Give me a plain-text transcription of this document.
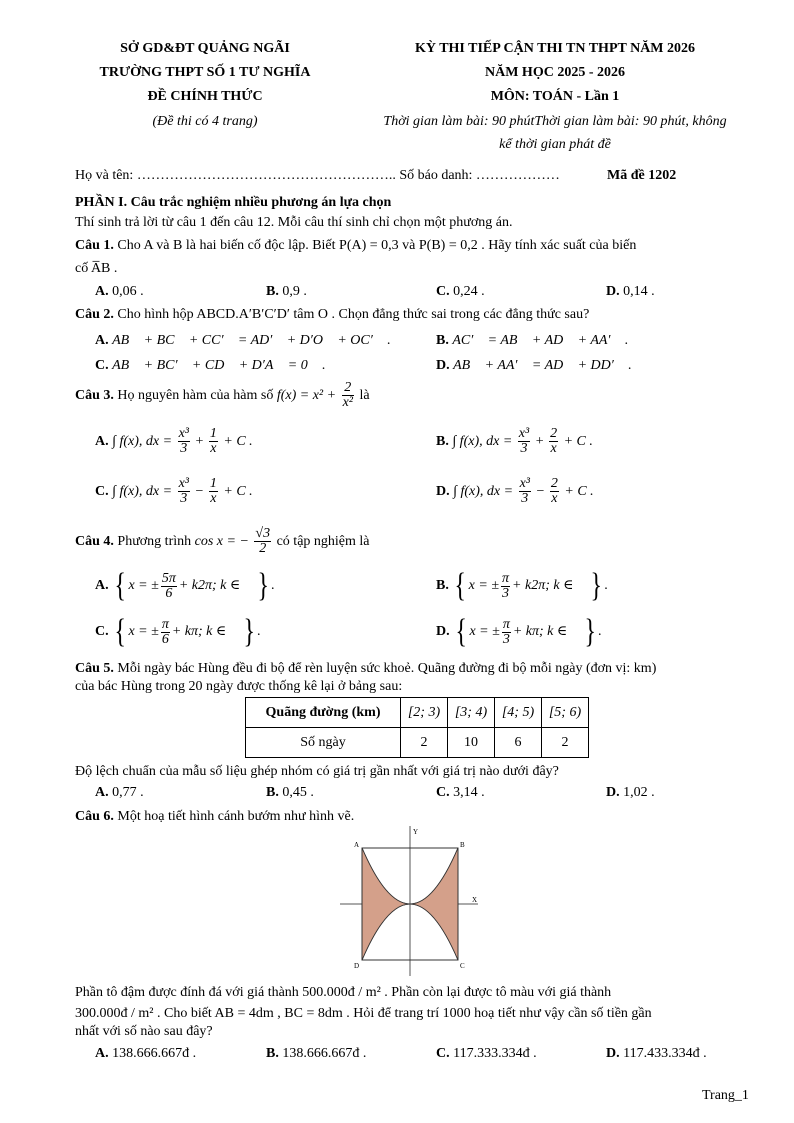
SỞ GD&ĐT QUẢNG NGÃI
TRƯỜNG THPT SỐ 1 TƯ NGHĨA
ĐỀ CHÍNH THỨC
(Đề thi có 4 trang)
KỲ THI TIẾP CẬN THI TN THPT NĂM 2026
NĂM HỌC 2025 - 2026
MÔN: TOÁN - Lần 1
Thời gian làm bài: 90 phútThời gian làm bài: 90 phút, không
kể thời gian phát đề
Họ và tên: ……………………………………………….. Số báo danh: ………………	Mã đề 1202
PHẦN I. Câu trắc nghiệm nhiều phương án lựa chọn
Thí sinh trả lời từ câu 1 đến câu 12. Mỗi câu thí sinh chỉ chọn một phương án.
Câu 1. Cho A và B là hai biến cố độc lập. Biết P(A) = 0,3 và P(B) = 0,2 . Hãy tính xác suất của biến
cố A̅B .
A. 0,06 .	B. 0,9 .	C. 0,24 .	D. 0,14 .
Câu 2. Cho hình hộp ABCD.A′B′C′D′ tâm O . Chọn đẳng thức sai trong các đẳng thức sau?
A. AB⃗ + BC⃗ + CC′⃗ = AD′⃗ + D′O⃗ + OC′⃗ .	B. AC′⃗ = AB⃗ + AD⃗ + AA′⃗ .
C. AB⃗ + BC′⃗ + CD⃗ + D′A⃗ = 0⃗ .	D. AB⃗ + AA′⃗ = AD⃗ + DD′⃗ .
Câu 3. Họ nguyên hàm của hàm số $f(x) = x^2 + \frac{2}{\text{x²}}$ là
A. ∫ f(x), dx = $\frac{\text{x³}}{3} + \frac{1}{x} + C$ .	B. ∫ f(x), dx = $\frac{\text{x³}}{3} + \frac{2}{x} + C$ .
C. ∫ f(x), dx = $\frac{\text{x³}}{3} - \frac{1}{x} + C$ .	D. ∫ f(x), dx = $\frac{\text{x³}}{3} - \frac{2}{x} + C$ .
Câu 4. Phương trình cos x = − $\frac{√3}{2}$ có tập nghiệm là
A. { x = ± $\frac{5\pi}{6} + k2\pi$; k ∈ ⃞} .	B. { x = ± $\frac{\pi}{3} + k2\pi$; k ∈ ⃞} .
C. { x = ± $\frac{\pi}{6} + k\pi$; k ∈ ⃞} .	D. { x = ± $\frac{\pi}{3} + k\pi$; k ∈ ⃞} .
Câu 5. Mỗi ngày bác Hùng đều đi bộ để rèn luyện sức khoẻ. Quãng đường đi bộ mỗi ngày (đơn vị: km)
của bác Hùng trong 20 ngày được thống kê lại ở bảng sau:
Quãng đường (km)	[2; 3)	[3; 4)	[4; 5)	[5; 6)
Số ngày	2	10	6	2
Độ lệch chuẩn của mẫu số liệu ghép nhóm có giá trị gần nhất với giá trị nào dưới đây?
A. 0,77 .	B. 0,45 .	C. 3,14 .	D. 1,02 .
Câu 6. Một hoạ tiết hình cánh bướm như hình vẽ.
Y
X
A	B
C
D
Phần tô đậm được đính đá với giá thành 500.000đ / m² . Phần còn lại được tô màu với giá thành
300.000đ / m² . Cho biết AB = 4dm , BC = 8dm . Hỏi để trang trí 1000 hoạ tiết như vậy cần số tiền gần
nhất với số nào sau đây?
A. 138.666.667đ .	B. 138.666.667đ .	C. 117.333.334đ .	D. 117.433.334đ .
Trang_1
